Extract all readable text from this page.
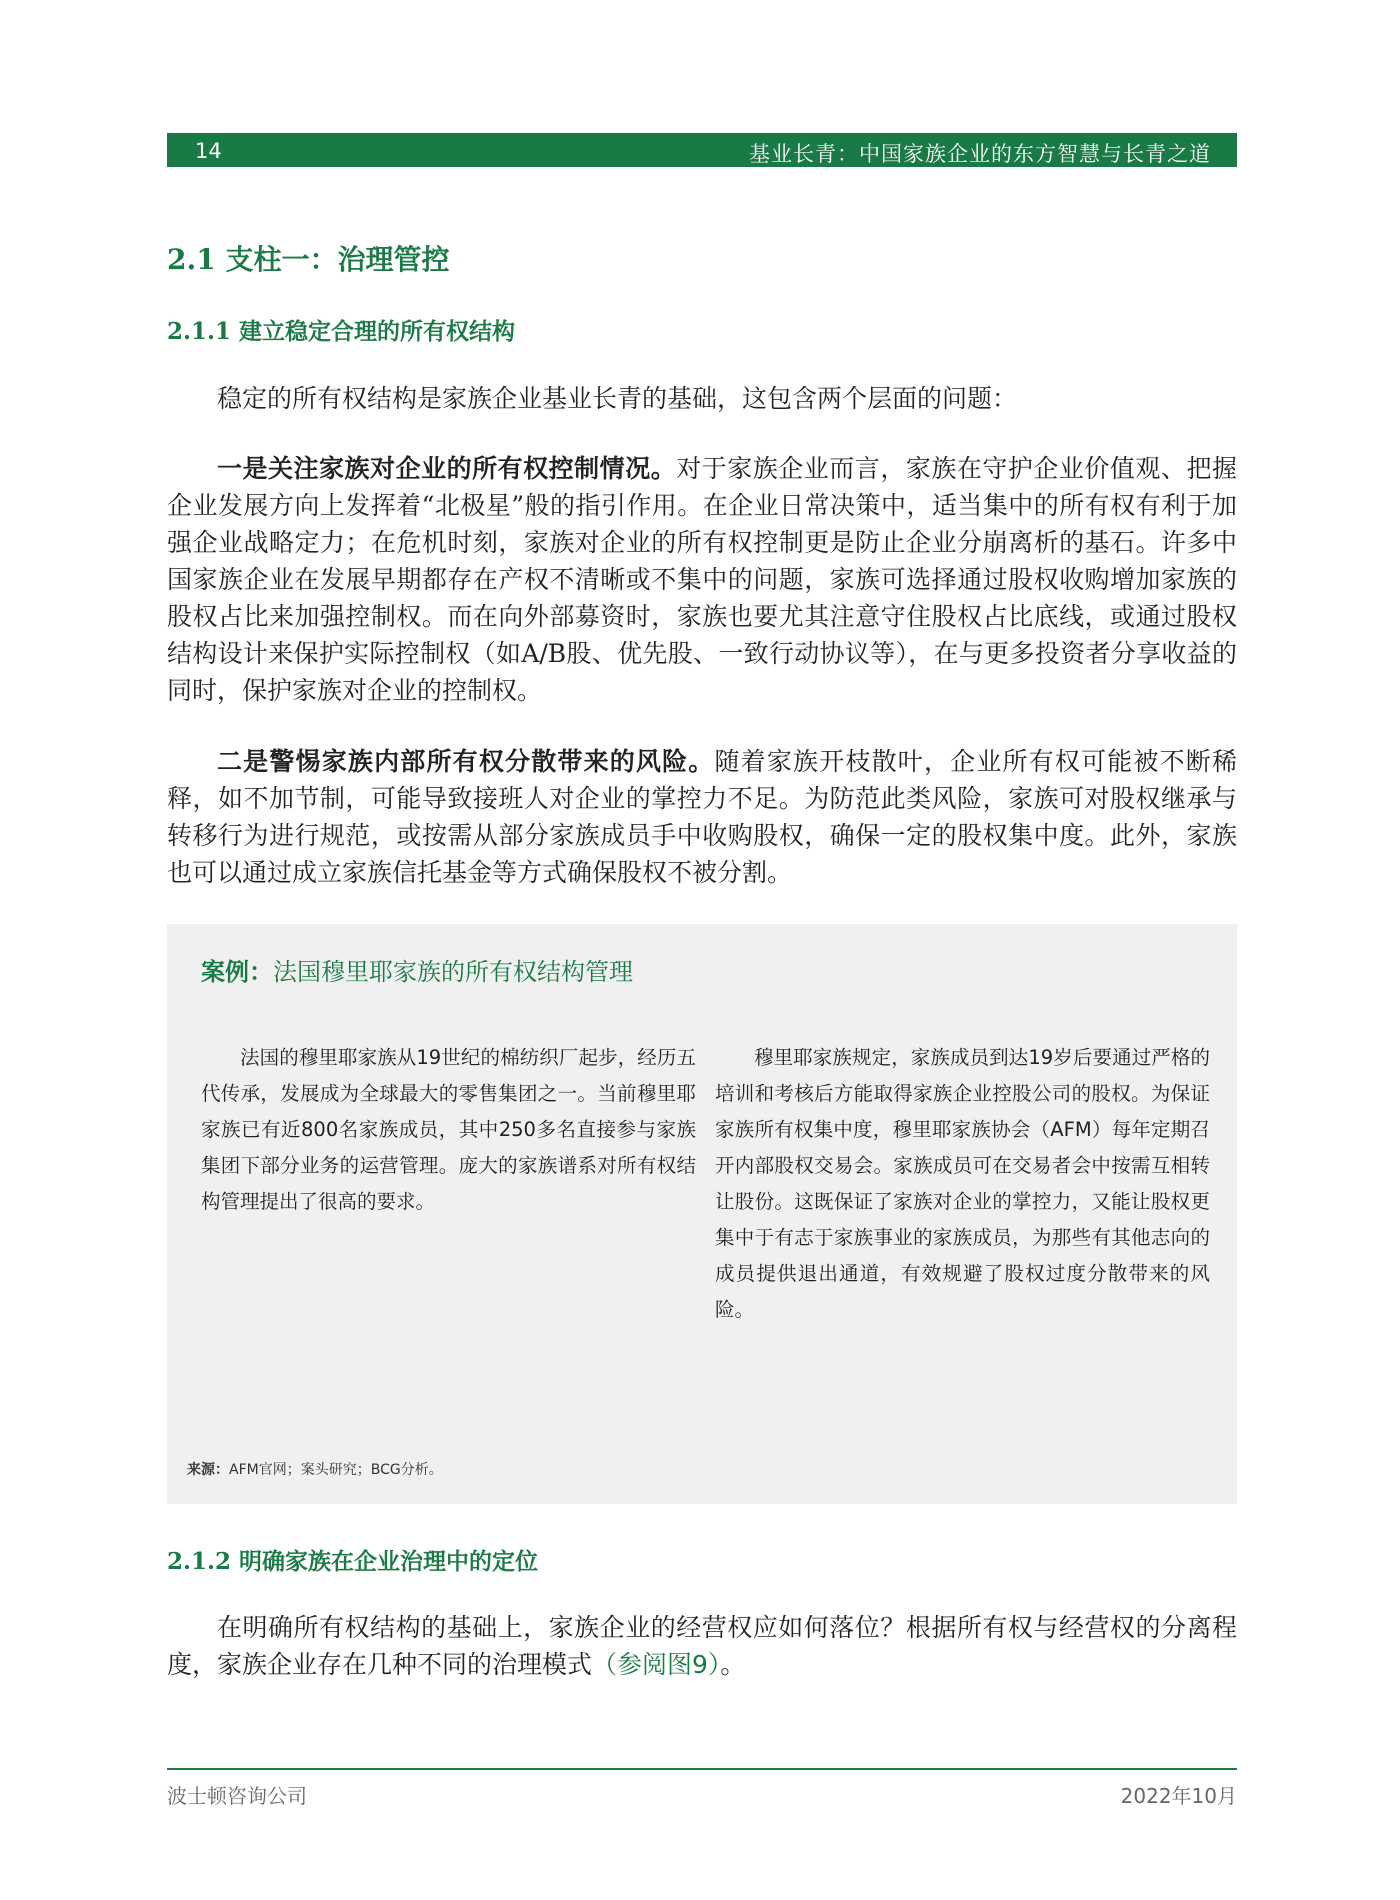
14	基业长青：中国家族企业的东方智慧与长青之道
2.1 支柱一：治理管控
2.1.1 建立稳定合理的所有权结构

稳定的所有权结构是家族企业基业长青的基础，这包含两个层面的问题：

一是关注家族对企业的所有权控制情况。对于家族企业而言，家族在守护企业价值观、把握企业发展方向上发挥着“北极星”般的指引作用。在企业日常决策中，适当集中的所有权有利于加强企业战略定力；在危机时刻，家族对企业的所有权控制更是防止企业分崩离析的基石。许多中国家族企业在发展早期都存在产权不清晰或不集中的问题，家族可选择通过股权收购增加家族的股权占比来加强控制权。而在向外部募资时，家族也要尤其注意守住股权占比底线，或通过股权结构设计来保护实际控制权（如A/B股、优先股、一致行动协议等），在与更多投资者分享收益的同时，保护家族对企业的控制权。

二是警惕家族内部所有权分散带来的风险。随着家族开枝散叶，企业所有权可能被不断稀释，如不加节制，可能导致接班人对企业的掌控力不足。为防范此类风险，家族可对股权继承与转移行为进行规范，或按需从部分家族成员手中收购股权，确保一定的股权集中度。此外，家族也可以通过成立家族信托基金等方式确保股权不被分割。

案例：法国穆里耶家族的所有权结构管理

法国的穆里耶家族从19世纪的棉纺织厂起步，经历五代传承，发展成为全球最大的零售集团之一。当前穆里耶家族已有近800名家族成员，其中250多名直接参与家族集团下部分业务的运营管理。庞大的家族谱系对所有权结构管理提出了很高的要求。

穆里耶家族规定，家族成员到达19岁后要通过严格的培训和考核后方能取得家族企业控股公司的股权。为保证家族所有权集中度，穆里耶家族协会（AFM）每年定期召开内部股权交易会。家族成员可在交易者会中按需互相转让股份。这既保证了家族对企业的掌控力，又能让股权更集中于有志于家族事业的家族成员，为那些有其他志向的成员提供退出通道，有效规避了股权过度分散带来的风险。

来源：AFM官网；案头研究；BCG分析。
2.1.2 明确家族在企业治理中的定位

在明确所有权结构的基础上，家族企业的经营权应如何落位？根据所有权与经营权的分离程度，家族企业存在几种不同的治理模式（参阅图9）。

波士顿咨询公司	2022年10月
